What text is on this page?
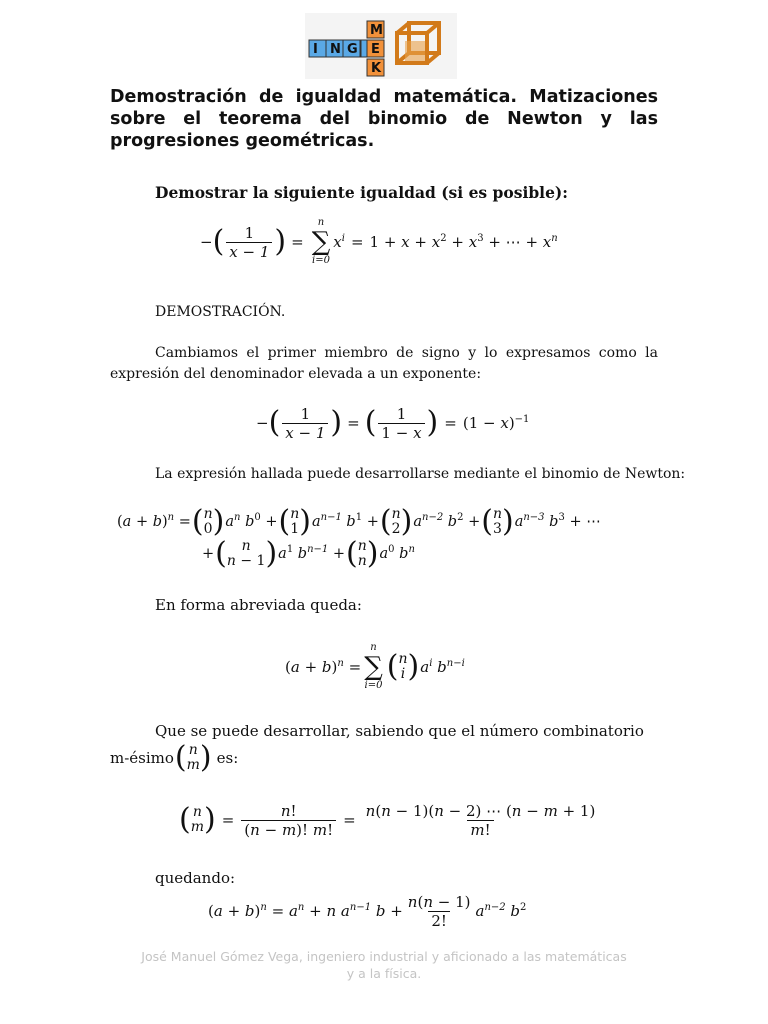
I N G
M
E
K
Demostración de igualdad matemática. Matizaciones sobre el teorema del binomio de Newton y las progresiones geométricas.
Demostrar la siguiente igualdad (si es posible):
− ( $\frac{1}{x - 1}$ ) =
n
∑
i=0
$x^i = 1 + x + x^2 + x^3$ + ⋯ + $x^n$
DEMOSTRACIÓN.
Cambiamos el primer miembro de signo y lo expresamos como la expresión del denominador elevada a un exponente:
− ( $\frac{1}{x - 1}$ ) = ( $\frac{1}{1 - x}$ ) = $(1 - x)^{-1}$
La expresión hallada puede desarrollarse mediante el binomio de Newton:
$(a + b)^n$ = ( n
0 ) $a^n$ $b^0$ + ( n
1 ) $a^{n-1}$ $b^1$ + ( n
2 ) $a^{n-2}$ $b^2$ + ( n
3 ) $a^{n-3}$ $b^3$ + ⋯
+ ( n
n − 1 ) $a^1$ $b^{n-1}$ + ( n
n ) $a^0$ $b^n$
En forma abreviada queda:
$(a + b)^n$ =
n
∑
i=0
( n
i ) $a^i$ $b^{n-i}$
Que se puede desarrollar, sabiendo que el número combinatorio
m-ésimo ( n
m ) es:
( n
m ) = $\frac{n!}{(n - m)! m!} = \frac{n(n - 1)(n - 2) \cdots (n - m + 1)}{m!}$
quedando:
$(a + b)^n = a^n + n$ $a^{n-1}$ $b + \frac{n(n - 1)}{2!} a^{n-2}$ $b^2$
José Manuel Gómez Vega, ingeniero industrial y aficionado a las matemáticas y a la física.
